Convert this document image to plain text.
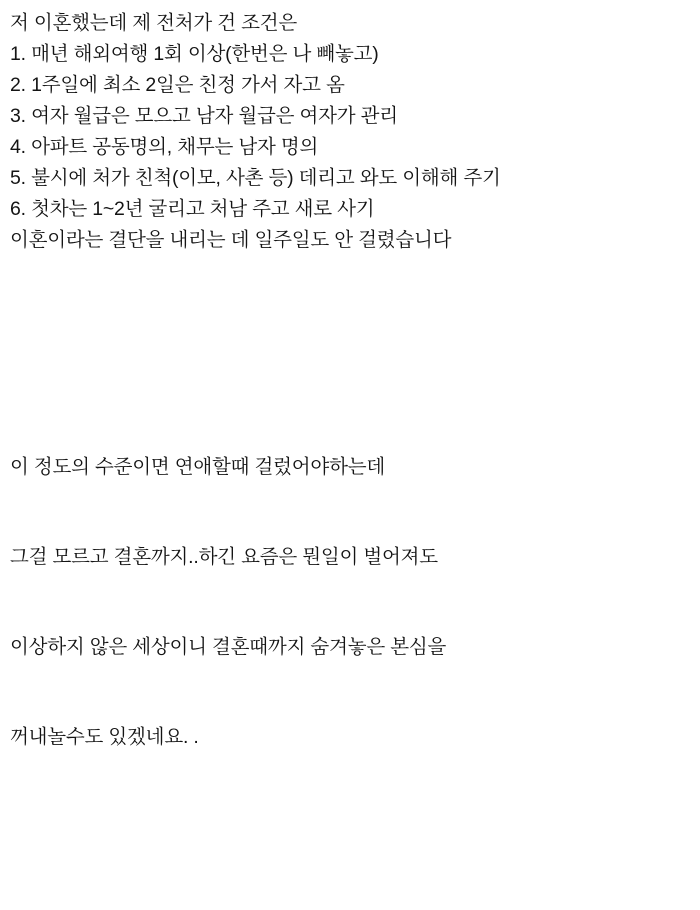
저 이혼했는데 제 전처가 건 조건은
1. 매년 해외여행 1회 이상(한번은 나 빼놓고)
2. 1주일에 최소 2일은 친정 가서 자고 옴
3. 여자 월급은 모으고 남자 월급은 여자가 관리
4. 아파트 공동명의, 채무는 남자 명의
5. 불시에 처가 친척(이모, 사촌 등) 데리고 와도 이해해 주기
6. 첫차는 1~2년 굴리고 처남 주고 새로 사기
이혼이라는 결단을 내리는 데 일주일도 안 걸렸습니다
이 정도의 수준이면 연애할때 걸렀어야하는데
그걸 모르고 결혼까지..하긴 요즘은 뭔일이 벌어져도
이상하지 않은 세상이니 결혼때까지 숨겨놓은 본심을
꺼내놀수도 있겠네요. .
